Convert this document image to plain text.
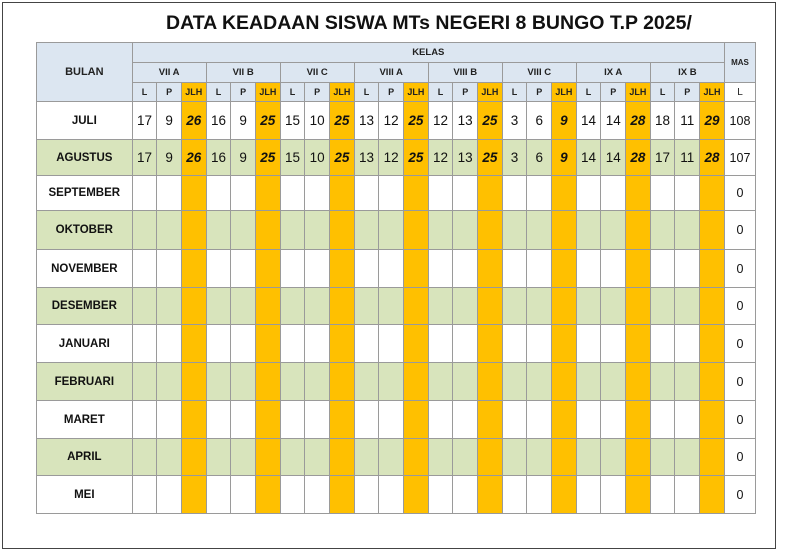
DATA KEADAAN SISWA MTs NEGERI 8 BUNGO T.P 2025/
BULAN	KELAS																								MAS
	VII A			VII B			VII C			VIII A			VIII B			VIII C			IX A			IX B			
	L	P	JLH	L	P	JLH	L	P	JLH	L	P	JLH	L	P	JLH	L	P	JLH	L	P	JLH	L	P	JLH	L
JULI	17	9	26	16	9	25	15	10	25	13	12	25	12	13	25	3	6	9	14	14	28	18	11	29	108
AGUSTUS	17	9	26	16	9	25	15	10	25	13	12	25	12	13	25	3	6	9	14	14	28	17	11	28	107
SEPTEMBER																									0
OKTOBER																									0
NOVEMBER																									0
DESEMBER																									0
JANUARI																									0
FEBRUARI																									0
MARET																									0
APRIL																									0
MEI																									0
